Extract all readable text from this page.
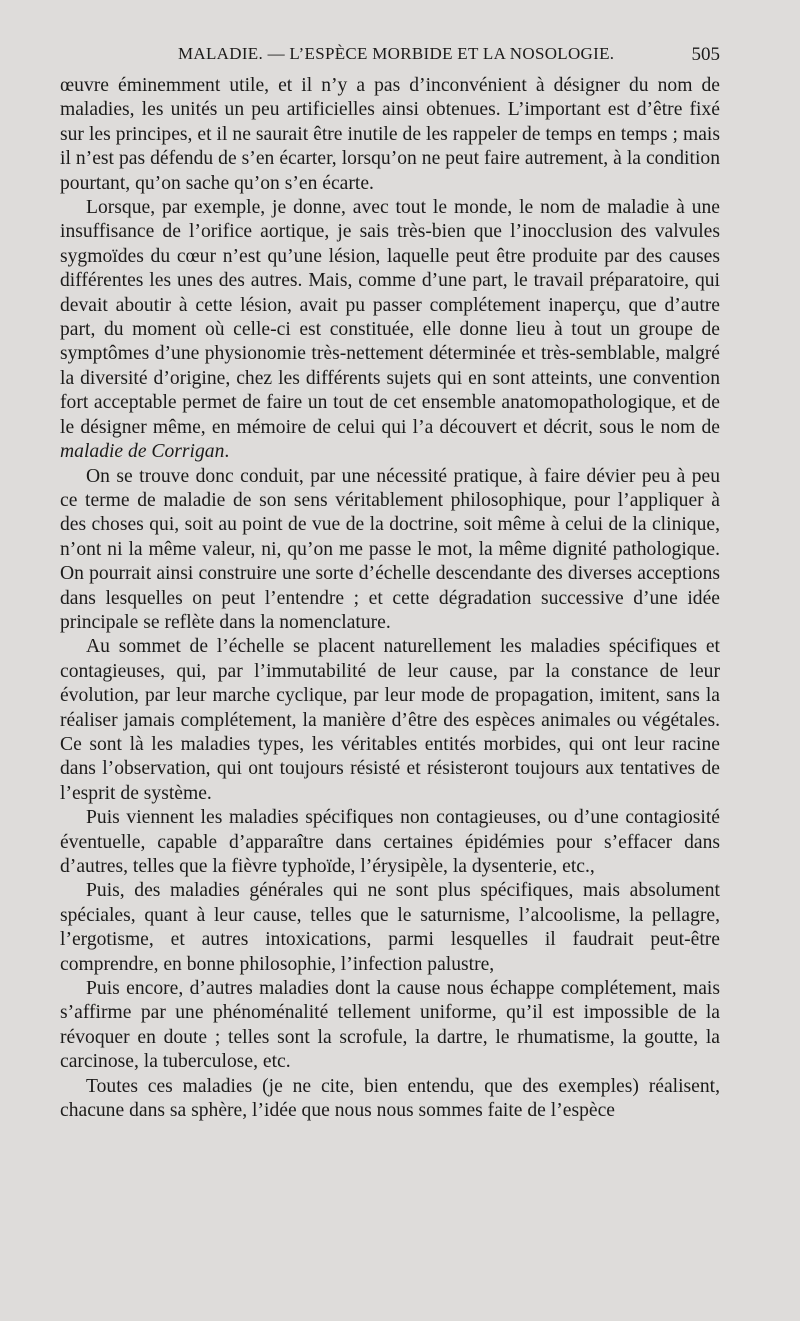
MALADIE. — L’ESPÈCE MORBIDE ET LA NOSOLOGIE.	505

œuvre éminemment utile, et il n’y a pas d’inconvénient à désigner du nom de maladies, les unités un peu artificielles ainsi obtenues. L’important est d’être fixé sur les principes, et il ne saurait être inutile de les rappeler de temps en temps ; mais il n’est pas défendu de s’en écarter, lorsqu’on ne peut faire autrement, à la condition pourtant, qu’on sache qu’on s’en écarte.

Lorsque, par exemple, je donne, avec tout le monde, le nom de maladie à une insuffisance de l’orifice aortique, je sais très-bien que l’inocclusion des valvules sygmoïdes du cœur n’est qu’une lésion, laquelle peut être produite par des causes différentes les unes des autres. Mais, comme d’une part, le travail préparatoire, qui devait aboutir à cette lésion, avait pu passer complétement inaperçu, que d’autre part, du moment où celle-ci est constituée, elle donne lieu à tout un groupe de symptômes d’une physionomie très-nettement déterminée et très-semblable, malgré la diversité d’origine, chez les différents sujets qui en sont atteints, une convention fort acceptable permet de faire un tout de cet ensemble anatomopathologique, et de le désigner même, en mémoire de celui qui l’a découvert et décrit, sous le nom de maladie de Corrigan.

On se trouve donc conduit, par une nécessité pratique, à faire dévier peu à peu ce terme de maladie de son sens véritablement philosophique, pour l’appliquer à des choses qui, soit au point de vue de la doctrine, soit même à celui de la clinique, n’ont ni la même valeur, ni, qu’on me passe le mot, la même dignité pathologique. On pourrait ainsi construire une sorte d’échelle descendante des diverses acceptions dans lesquelles on peut l’entendre ; et cette dégradation successive d’une idée principale se reflète dans la nomenclature.

Au sommet de l’échelle se placent naturellement les maladies spécifiques et contagieuses, qui, par l’immutabilité de leur cause, par la constance de leur évolution, par leur marche cyclique, par leur mode de propagation, imitent, sans la réaliser jamais complétement, la manière d’être des espèces animales ou végétales. Ce sont là les maladies types, les véritables entités morbides, qui ont leur racine dans l’observation, qui ont toujours résisté et résisteront toujours aux tentatives de l’esprit de système.

Puis viennent les maladies spécifiques non contagieuses, ou d’une contagiosité éventuelle, capable d’apparaître dans certaines épidémies pour s’effacer dans d’autres, telles que la fièvre typhoïde, l’érysipèle, la dysenterie, etc.,

Puis, des maladies générales qui ne sont plus spécifiques, mais absolument spéciales, quant à leur cause, telles que le saturnisme, l’alcoolisme, la pellagre, l’ergotisme, et autres intoxications, parmi lesquelles il faudrait peut-être comprendre, en bonne philosophie, l’infection palustre,

Puis encore, d’autres maladies dont la cause nous échappe complétement, mais s’affirme par une phénoménalité tellement uniforme, qu’il est impossible de la révoquer en doute ; telles sont la scrofule, la dartre, le rhumatisme, la goutte, la carcinose, la tuberculose, etc.

Toutes ces maladies (je ne cite, bien entendu, que des exemples) réalisent, chacune dans sa sphère, l’idée que nous nous sommes faite de l’espèce
